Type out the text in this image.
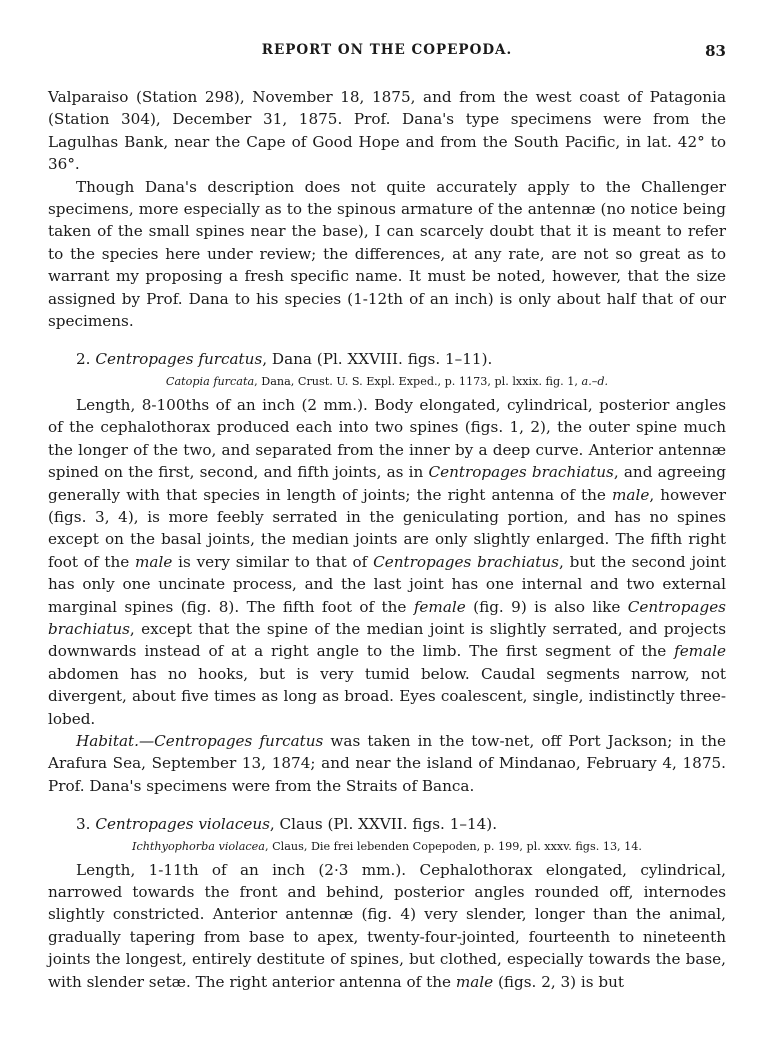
REPORT ON THE COPEPODA.	83

Valparaiso (Station 298), November 18, 1875, and from the west coast of Patagonia (Station 304), December 31, 1875. Prof. Dana's type specimens were from the Lagulhas Bank, near the Cape of Good Hope and from the South Pacific, in lat. 42° to 36°.

Though Dana's description does not quite accurately apply to the Challenger specimens, more especially as to the spinous armature of the antennæ (no notice being taken of the small spines near the base), I can scarcely doubt that it is meant to refer to the species here under review; the differences, at any rate, are not so great as to warrant my proposing a fresh specific name. It must be noted, however, that the size assigned by Prof. Dana to his species (1-12th of an inch) is only about half that of our specimens.

2. Centropages furcatus, Dana (Pl. XXVIII. figs. 1–11).

Catopia furcata, Dana, Crust. U. S. Expl. Exped., p. 1173, pl. lxxix. fig. 1, a.–d.

Length, 8-100ths of an inch (2 mm.). Body elongated, cylindrical, posterior angles of the cephalothorax produced each into two spines (figs. 1, 2), the outer spine much the longer of the two, and separated from the inner by a deep curve. Anterior antennæ spined on the first, second, and fifth joints, as in Centropages brachiatus, and agreeing generally with that species in length of joints; the right antenna of the male, however (figs. 3, 4), is more feebly serrated in the geniculating portion, and has no spines except on the basal joints, the median joints are only slightly enlarged. The fifth right foot of the male is very similar to that of Centropages brachiatus, but the second joint has only one uncinate process, and the last joint has one internal and two external marginal spines (fig. 8). The fifth foot of the female (fig. 9) is also like Centropages brachiatus, except that the spine of the median joint is slightly serrated, and projects downwards instead of at a right angle to the limb. The first segment of the female abdomen has no hooks, but is very tumid below. Caudal segments narrow, not divergent, about five times as long as broad. Eyes coalescent, single, indistinctly three-lobed.

Habitat.—Centropages furcatus was taken in the tow-net, off Port Jackson; in the Arafura Sea, September 13, 1874; and near the island of Mindanao, February 4, 1875. Prof. Dana's specimens were from the Straits of Banca.

3. Centropages violaceus, Claus (Pl. XXVII. figs. 1–14).

Ichthyophorba violacea, Claus, Die frei lebenden Copepoden, p. 199, pl. xxxv. figs. 13, 14.

Length, 1-11th of an inch (2·3 mm.). Cephalothorax elongated, cylindrical, narrowed towards the front and behind, posterior angles rounded off, internodes slightly constricted. Anterior antennæ (fig. 4) very slender, longer than the animal, gradually tapering from base to apex, twenty-four-jointed, fourteenth to nineteenth joints the longest, entirely destitute of spines, but clothed, especially towards the base, with slender setæ. The right anterior antenna of the male (figs. 2, 3) is but
